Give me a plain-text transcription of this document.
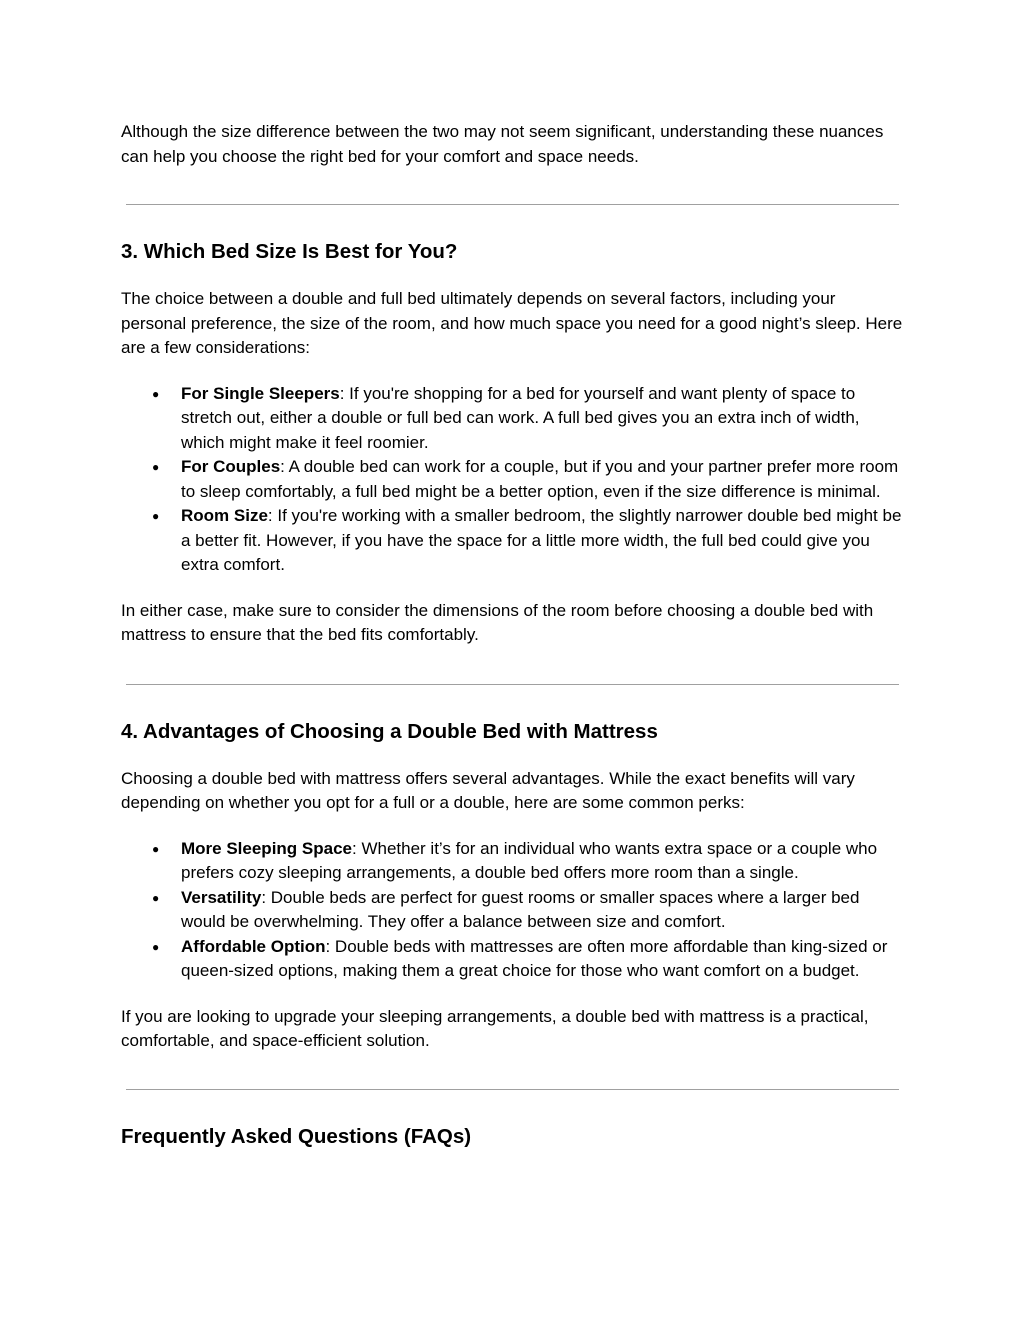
Although the size difference between the two may not seem significant, understanding these nuances can help you choose the right bed for your comfort and space needs.

3. Which Bed Size Is Best for You?

The choice between a double and full bed ultimately depends on several factors, including your personal preference, the size of the room, and how much space you need for a good night’s sleep. Here are a few considerations:

● For Single Sleepers: If you're shopping for a bed for yourself and want plenty of space to stretch out, either a double or full bed can work. A full bed gives you an extra inch of width, which might make it feel roomier.
● For Couples: A double bed can work for a couple, but if you and your partner prefer more room to sleep comfortably, a full bed might be a better option, even if the size difference is minimal.
● Room Size: If you're working with a smaller bedroom, the slightly narrower double bed might be a better fit. However, if you have the space for a little more width, the full bed could give you extra comfort.

In either case, make sure to consider the dimensions of the room before choosing a double bed with mattress to ensure that the bed fits comfortably.

4. Advantages of Choosing a Double Bed with Mattress

Choosing a double bed with mattress offers several advantages. While the exact benefits will vary depending on whether you opt for a full or a double, here are some common perks:

● More Sleeping Space: Whether it’s for an individual who wants extra space or a couple who prefers cozy sleeping arrangements, a double bed offers more room than a single.
● Versatility: Double beds are perfect for guest rooms or smaller spaces where a larger bed would be overwhelming. They offer a balance between size and comfort.
● Affordable Option: Double beds with mattresses are often more affordable than king-sized or queen-sized options, making them a great choice for those who want comfort on a budget.

If you are looking to upgrade your sleeping arrangements, a double bed with mattress is a practical, comfortable, and space-efficient solution.

Frequently Asked Questions (FAQs)
